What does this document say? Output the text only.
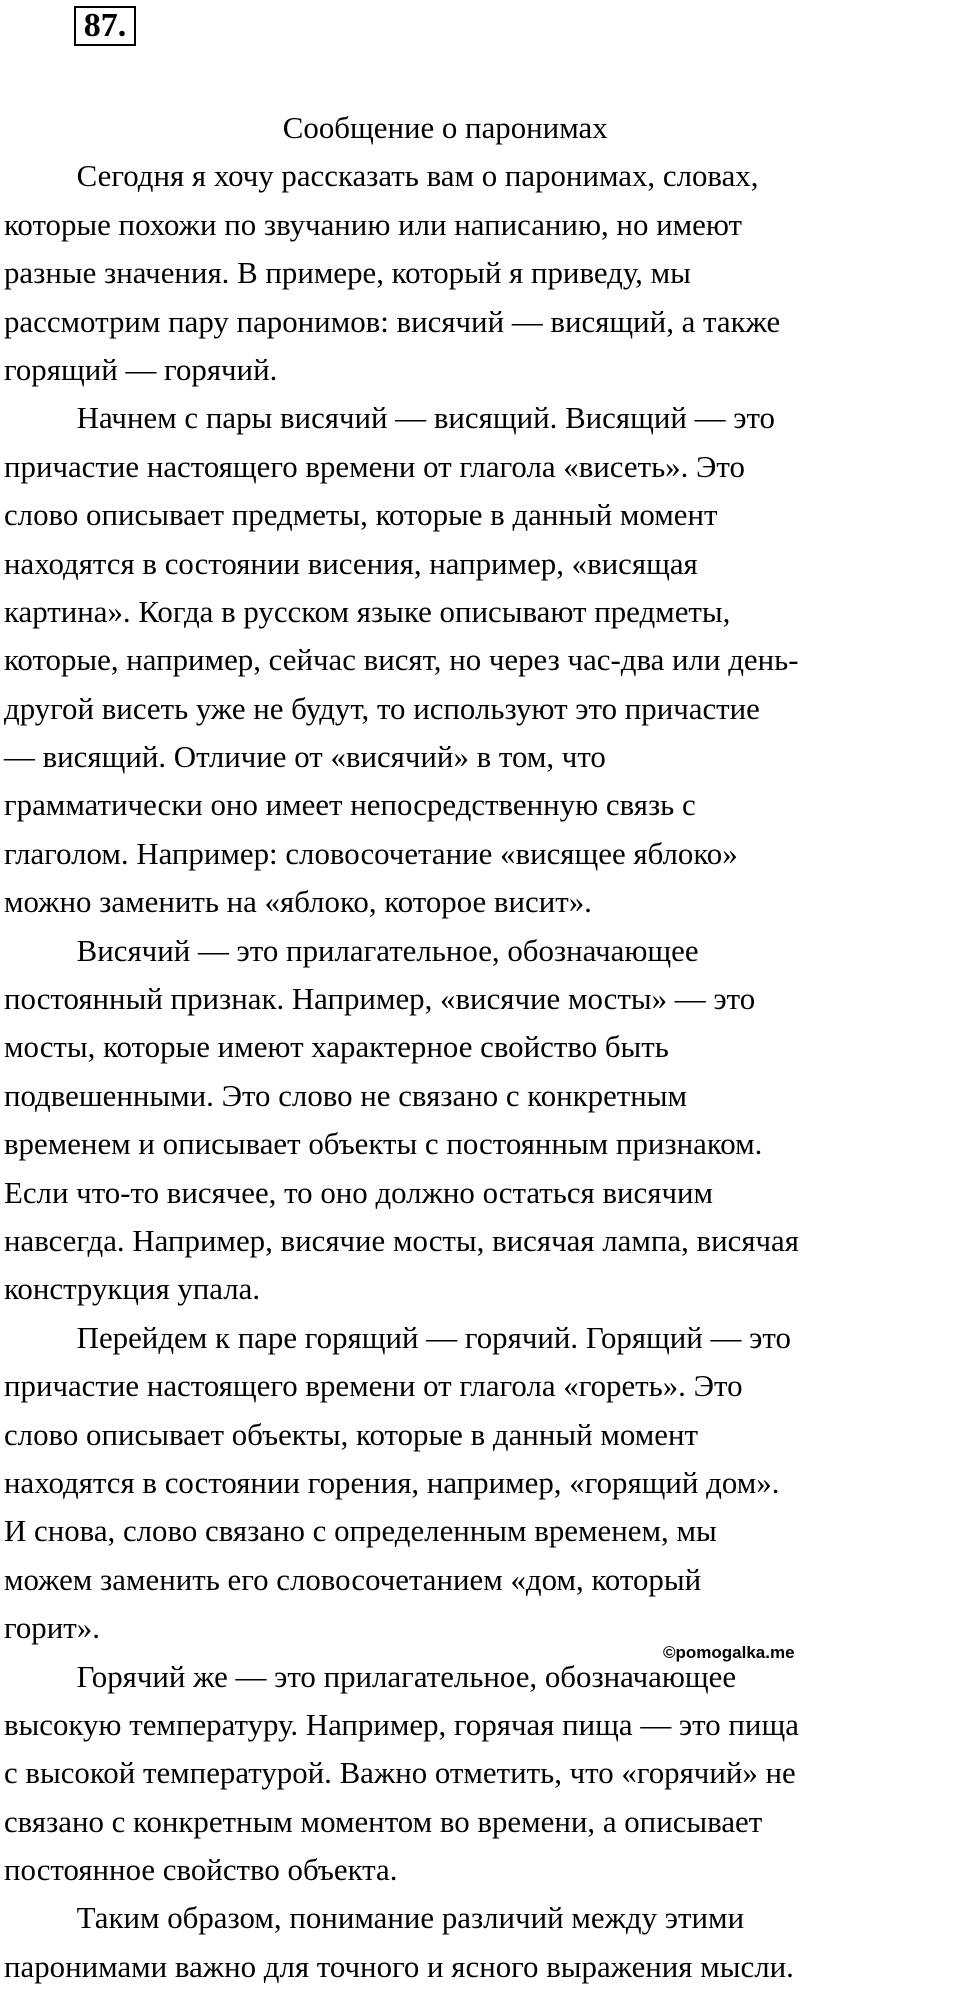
87.
Сообщение о паронимах
Сегодня я хочу рассказать вам о паронимах, словах,
которые похожи по звучанию или написанию, но имеют
разные значения. В примере, который я приведу, мы
рассмотрим пару паронимов: висячий — висящий, а также
горящий — горячий.
Начнем с пары висячий — висящий. Висящий — это
причастие настоящего времени от глагола «висеть». Это
слово описывает предметы, которые в данный момент
находятся в состоянии висения, например, «висящая
картина». Когда в русском языке описывают предметы,
которые, например, сейчас висят, но через час-два или день-
другой висеть уже не будут, то используют это причастие
— висящий. Отличие от «висячий» в том, что
грамматически оно имеет непосредственную связь с
глаголом. Например: словосочетание «висящее яблоко»
можно заменить на «яблоко, которое висит».
Висячий — это прилагательное, обозначающее
постоянный признак. Например, «висячие мосты» — это
мосты, которые имеют характерное свойство быть
подвешенными. Это слово не связано с конкретным
временем и описывает объекты с постоянным признаком.
Если что-то висячее, то оно должно остаться висячим
навсегда. Например, висячие мосты, висячая лампа, висячая
конструкция упала.
Перейдем к паре горящий — горячий. Горящий — это
причастие настоящего времени от глагола «гореть». Это
слово описывает объекты, которые в данный момент
находятся в состоянии горения, например, «горящий дом».
И снова, слово связано с определенным временем, мы
можем заменить его словосочетанием «дом, который
горит».
Горячий же — это прилагательное, обозначающее
высокую температуру. Например, горячая пища — это пища
с высокой температурой. Важно отметить, что «горячий» не
связано с конкретным моментом во времени, а описывает
постоянное свойство объекта.
Таким образом, понимание различий между этими
паронимами важно для точного и ясного выражения мысли.
©pomogalka.me
